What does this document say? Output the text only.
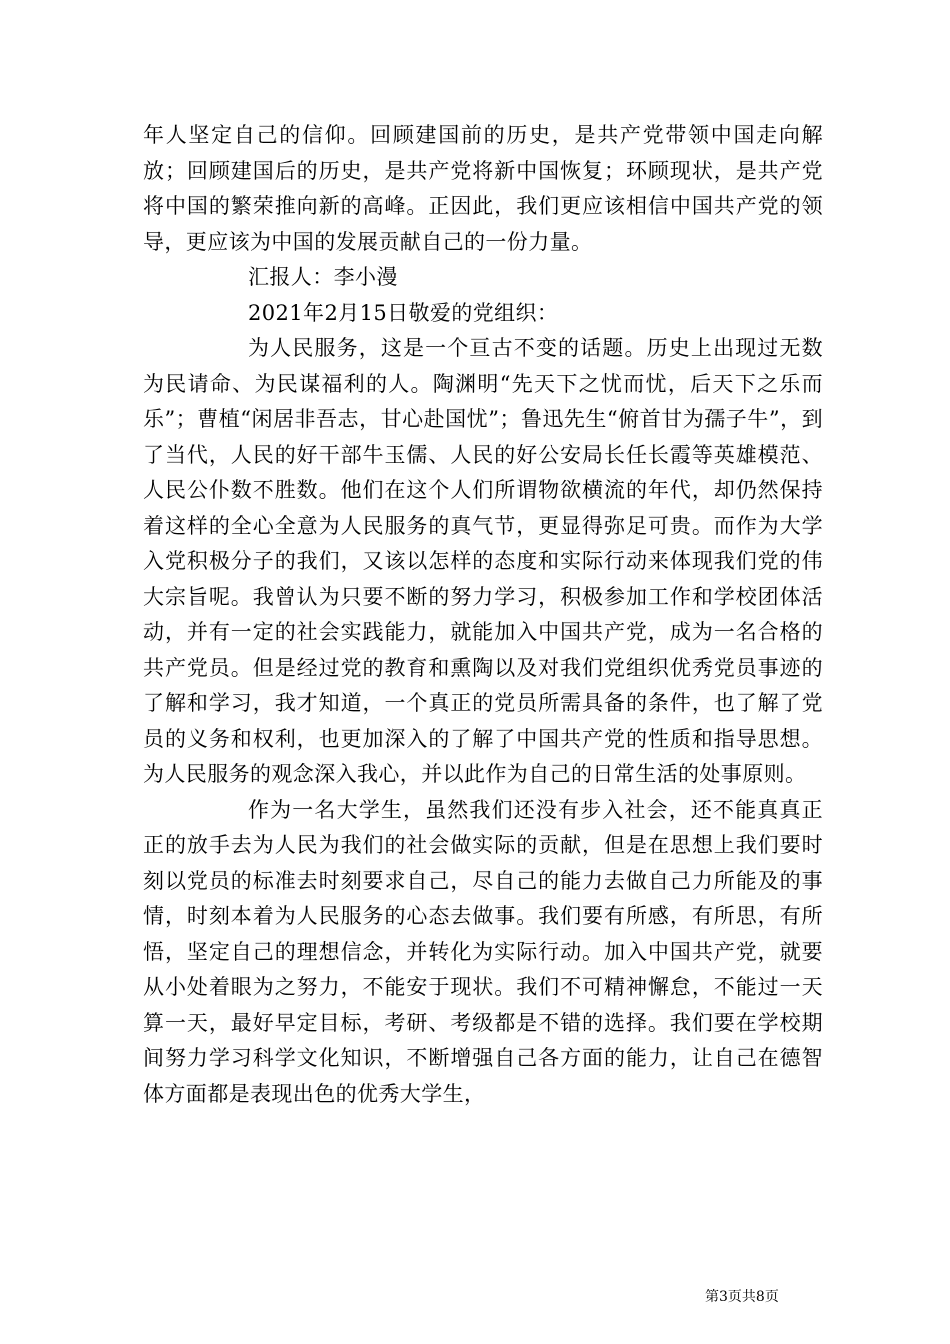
年人坚定自己的信仰。回顾建国前的历史，是共产党带领中国走向解放；回顾建国后的历史，是共产党将新中国恢复；环顾现状，是共产党将中国的繁荣推向新的高峰。正因此，我们更应该相信中国共产党的领导，更应该为中国的发展贡献自己的一份力量。

汇报人：李小漫

2021年2月15日敬爱的党组织：

为人民服务，这是一个亘古不变的话题。历史上出现过无数为民请命、为民谋福利的人。陶渊明“先天下之忧而忧，后天下之乐而乐”；曹植“闲居非吾志，甘心赴国忧”；鲁迅先生“俯首甘为孺子牛”，到了当代，人民的好干部牛玉儒、人民的好公安局长任长霞等英雄模范、人民公仆数不胜数。他们在这个人们所谓物欲横流的年代，却仍然保持着这样的全心全意为人民服务的真气节，更显得弥足可贵。而作为大学入党积极分子的我们，又该以怎样的态度和实际行动来体现我们党的伟大宗旨呢。我曾认为只要不断的努力学习，积极参加工作和学校团体活动，并有一定的社会实践能力，就能加入中国共产党，成为一名合格的共产党员。但是经过党的教育和熏陶以及对我们党组织优秀党员事迹的了解和学习，我才知道，一个真正的党员所需具备的条件，也了解了党员的义务和权利，也更加深入的了解了中国共产党的性质和指导思想。为人民服务的观念深入我心，并以此作为自己的日常生活的处事原则。

作为一名大学生，虽然我们还没有步入社会，还不能真真正正的放手去为人民为我们的社会做实际的贡献，但是在思想上我们要时刻以党员的标准去时刻要求自己，尽自己的能力去做自己力所能及的事情，时刻本着为人民服务的心态去做事。我们要有所感，有所思，有所悟，坚定自己的理想信念，并转化为实际行动。加入中国共产党，就要从小处着眼为之努力，不能安于现状。我们不可精神懈怠，不能过一天算一天，最好早定目标，考研、考级都是不错的选择。我们要在学校期间努力学习科学文化知识，不断增强自己各方面的能力，让自己在德智体方面都是表现出色的优秀大学生，

第3页共8页
